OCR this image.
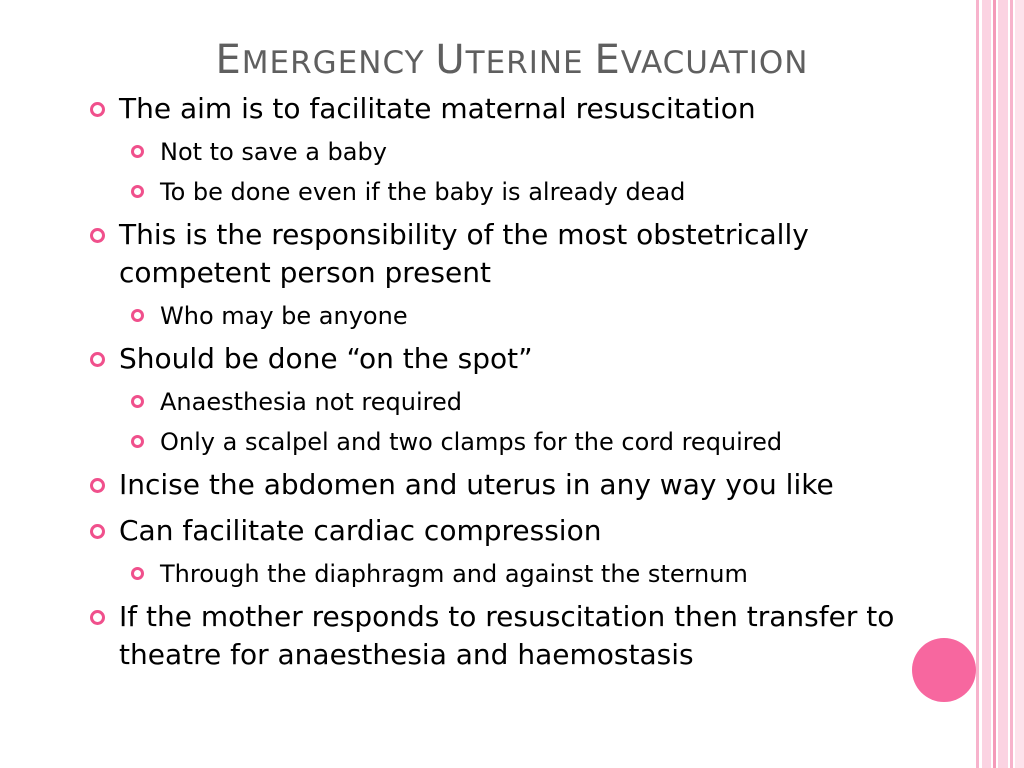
EMERGENCY UTERINE EVACUATION
The aim is to facilitate maternal resuscitation
Not to save a baby
To be done even if the baby is already dead
This is the responsibility of the most obstetrically competent person present
Who may be anyone
Should be done “on the spot”
Anaesthesia not required
Only a scalpel and two clamps for the cord required
Incise the abdomen and uterus in any way you like
Can facilitate cardiac compression
Through the diaphragm and against the sternum
If the mother responds to resuscitation then transfer to theatre for anaesthesia and haemostasis
